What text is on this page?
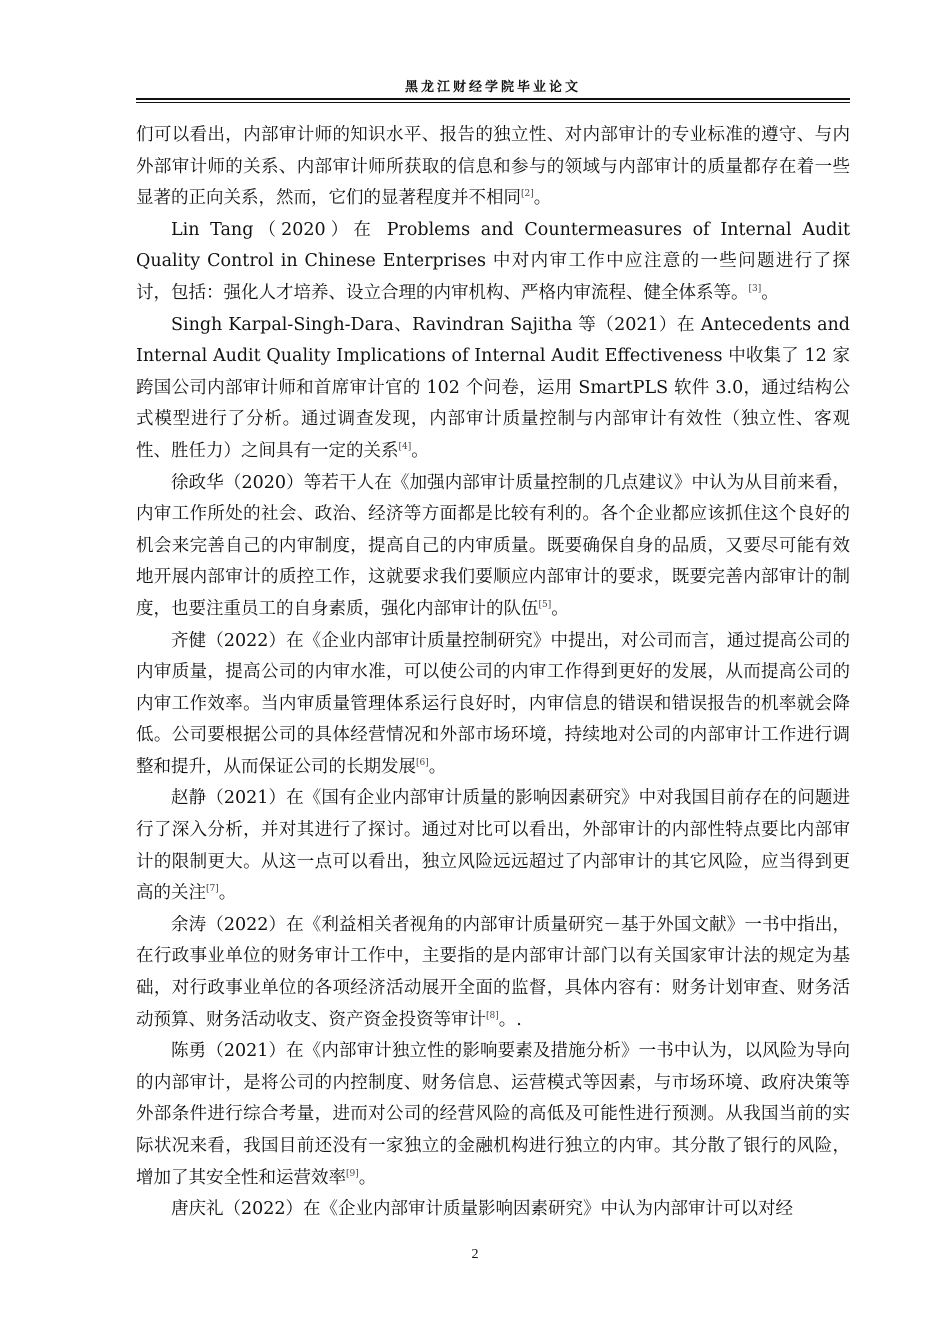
黑龙江财经学院毕业论文

们可以看出，内部审计师的知识水平、报告的独立性、对内部审计的专业标准的遵守、与内外部审计师的关系、内部审计师所获取的信息和参与的领域与内部审计的质量都存在着一些显著的正向关系，然而，它们的显著程度并不相同[2]。

Lin Tang（2020）在 Problems and Countermeasures of Internal Audit Quality Control in Chinese Enterprises 中对内审工作中应注意的一些问题进行了探讨，包括：强化人才培养、设立合理的内审机构、严格内审流程、健全体系等。[3]。

Singh Karpal-Singh-Dara、Ravindran Sajitha 等（2021）在 Antecedents and Internal Audit Quality Implications of Internal Audit Effectiveness 中收集了 12 家跨国公司内部审计师和首席审计官的 102 个问卷，运用 SmartPLS 软件 3.0，通过结构公式模型进行了分析。通过调查发现，内部审计质量控制与内部审计有效性（独立性、客观性、胜任力）之间具有一定的关系[4]。

徐政华（2020）等若干人在《加强内部审计质量控制的几点建议》中认为从目前来看，内审工作所处的社会、政治、经济等方面都是比较有利的。各个企业都应该抓住这个良好的机会来完善自己的内审制度，提高自己的内审质量。既要确保自身的品质，又要尽可能有效地开展内部审计的质控工作，这就要求我们要顺应内部审计的要求，既要完善内部审计的制度，也要注重员工的自身素质，强化内部审计的队伍[5]。

齐健（2022）在《企业内部审计质量控制研究》中提出，对公司而言，通过提高公司的内审质量，提高公司的内审水准，可以使公司的内审工作得到更好的发展，从而提高公司的内审工作效率。当内审质量管理体系运行良好时，内审信息的错误和错误报告的机率就会降低。公司要根据公司的具体经营情况和外部市场环境，持续地对公司的内部审计工作进行调整和提升，从而保证公司的长期发展[6]。

赵静（2021）在《国有企业内部审计质量的影响因素研究》中对我国目前存在的问题进行了深入分析，并对其进行了探讨。通过对比可以看出，外部审计的内部性特点要比内部审计的限制更大。从这一点可以看出，独立风险远远超过了内部审计的其它风险，应当得到更高的关注[7]。

余涛（2022）在《利益相关者视角的内部审计质量研究－基于外国文献》一书中指出，在行政事业单位的财务审计工作中，主要指的是内部审计部门以有关国家审计法的规定为基础，对行政事业单位的各项经济活动展开全面的监督，具体内容有：财务计划审查、财务活动预算、财务活动收支、资产资金投资等审计[8]。.

陈勇（2021）在《内部审计独立性的影响要素及措施分析》一书中认为，以风险为导向的内部审计，是将公司的内控制度、财务信息、运营模式等因素，与市场环境、政府决策等外部条件进行综合考量，进而对公司的经营风险的高低及可能性进行预测。从我国当前的实际状况来看，我国目前还没有一家独立的金融机构进行独立的内审。其分散了银行的风险，增加了其安全性和运营效率[9]。

唐庆礼（2022）在《企业内部审计质量影响因素研究》中认为内部审计可以对经

2
